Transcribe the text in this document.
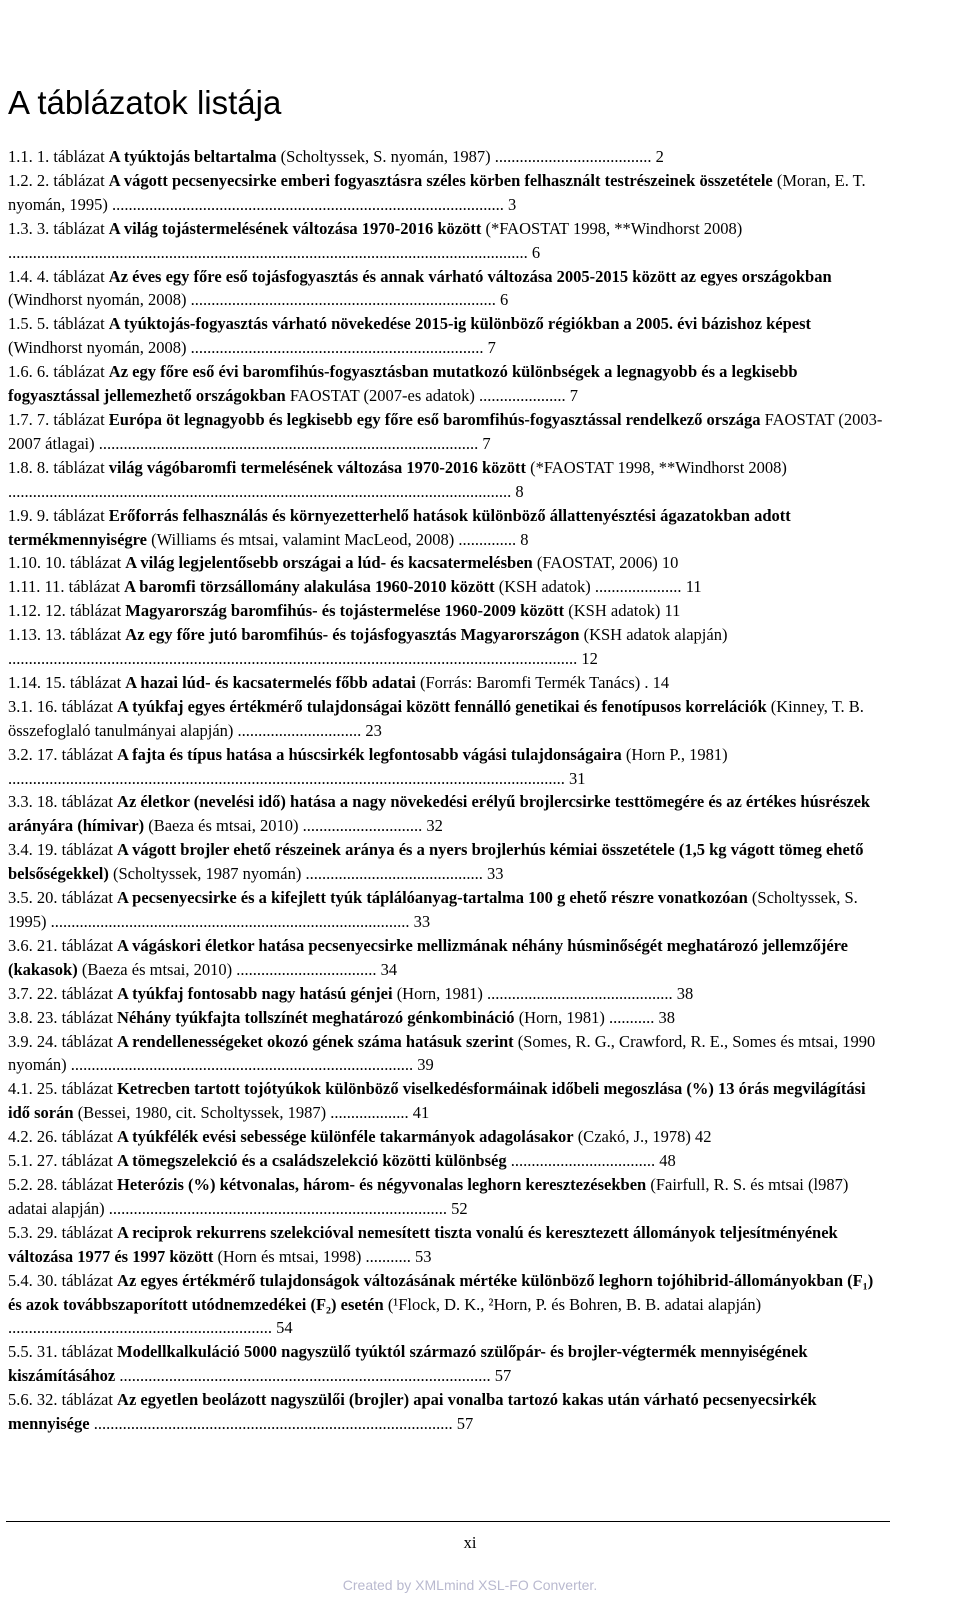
A táblázatok listája

1.1. 1. táblázat A tyúktojás beltartalma (Scholtyssek, S. nyomán, 1987) ...................................... 2

1.2. 2. táblázat A vágott pecsenyecsirke emberi fogyasztásra széles körben felhasznált testrészeinek összetétele (Moran, E. T. nyomán, 1995) ............................................................................................... 3

1.3. 3. táblázat A világ tojástermelésének változása 1970-2016 között (*FAOSTAT 1998, **Windhorst 2008) .............................................................................................................................. 6

1.4. 4. táblázat Az éves egy főre eső tojásfogyasztás és annak várható változása 2005-2015 között az egyes országokban (Windhorst nyomán, 2008) .......................................................................... 6

1.5. 5. táblázat A tyúktojás-fogyasztás várható növekedése 2015-ig különböző régiókban a 2005. évi bázishoz képest (Windhorst nyomán, 2008) ....................................................................... 7

1.6. 6. táblázat Az egy főre eső évi baromfihús-fogyasztásban mutatkozó különbségek a legnagyobb és a legkisebb fogyasztással jellemezhető országokban FAOSTAT (2007-es adatok) ..................... 7

1.7. 7. táblázat Európa öt legnagyobb és legkisebb egy főre eső baromfihús-fogyasztással rendelkező országa FAOSTAT (2003-2007 átlagai) ............................................................................................ 7

1.8. 8. táblázat világ vágóbaromfi termelésének változása 1970-2016 között (*FAOSTAT 1998, **Windhorst 2008) .......................................................................................................................... 8

1.9. 9. táblázat Erőforrás felhasználás és környezetterhelő hatások különböző állattenyésztési ágazatokban adott termékmennyiségre (Williams és mtsai, valamint MacLeod, 2008) .............. 8

1.10. 10. táblázat A világ legjelentősebb országai a lúd- és kacsatermelésben (FAOSTAT, 2006) 10

1.11. 11. táblázat A baromfi törzsállomány alakulása 1960-2010 között (KSH adatok) ..................... 11

1.12. 12. táblázat Magyarország baromfihús- és tojástermelése 1960-2009 között (KSH adatok) 11

1.13. 13. táblázat Az egy főre jutó baromfihús- és tojásfogyasztás Magyarországon (KSH adatok alapján) .......................................................................................................................................... 12

1.14. 15. táblázat A hazai lúd- és kacsatermelés főbb adatai (Forrás: Baromfi Termék Tanács) . 14

3.1. 16. táblázat A tyúkfaj egyes értékmérő tulajdonságai között fennálló genetikai és fenotípusos korrelációk (Kinney, T. B. összefoglaló tanulmányai alapján) .............................. 23

3.2. 17. táblázat A fajta és típus hatása a húscsirkék legfontosabb vágási tulajdonságaira (Horn P., 1981) ....................................................................................................................................... 31

3.3. 18. táblázat Az életkor (nevelési idő) hatása a nagy növekedési erélyű brojlercsirke testtömegére és az értékes húsrészek arányára (hímivar) (Baeza és mtsai, 2010) ............................. 32

3.4. 19. táblázat A vágott brojler ehető részeinek aránya és a nyers brojlerhús kémiai összetétele (1,5 kg vágott tömeg ehető belsőségekkel) (Scholtyssek, 1987 nyomán) ........................................... 33

3.5. 20. táblázat A pecsenyecsirke és a kifejlett tyúk táplálóanyag-tartalma 100 g ehető részre vonatkozóan (Scholtyssek, S. 1995) ....................................................................................... 33

3.6. 21. táblázat A vágáskori életkor hatása pecsenyecsirke mellizmának néhány húsminőségét meghatározó jellemzőjére (kakasok) (Baeza és mtsai, 2010) .................................. 34

3.7. 22. táblázat A tyúkfaj fontosabb nagy hatású génjei (Horn, 1981) ............................................. 38

3.8. 23. táblázat Néhány tyúkfajta tollszínét meghatározó génkombináció (Horn, 1981) ........... 38

3.9. 24. táblázat A rendellenességeket okozó gének száma hatásuk szerint (Somes, R. G., Crawford, R. E., Somes és mtsai, 1990 nyomán) ................................................................................... 39

4.1. 25. táblázat Ketrecben tartott tojótyúkok különböző viselkedésformáinak időbeli megoszlása (%) 13 órás megvilágítási idő során (Bessei, 1980, cit. Scholtyssek, 1987) ................... 41

4.2. 26. táblázat A tyúkfélék evési sebessége különféle takarmányok adagolásakor (Czakó, J., 1978) 42

5.1. 27. táblázat A tömegszelekció és a családszelekció közötti különbség ................................... 48

5.2. 28. táblázat Heterózis (%) kétvonalas, három- és négyvonalas leghorn keresztezésekben (Fairfull, R. S. és mtsai (l987) adatai alapján) .................................................................................. 52

5.3. 29. táblázat A reciprok rekurrens szelekcióval nemesített tiszta vonalú és keresztezett állományok teljesítményének változása 1977 és 1997 között (Horn és mtsai, 1998) ........... 53

5.4. 30. táblázat Az egyes értékmérő tulajdonságok változásának mértéke különböző leghorn tojóhibrid-állományokban (F₁) és azok továbbszaporított utódnemzedékei (F₂) esetén (¹Flock, D. K., ²Horn, P. és Bohren, B. B. adatai alapján) ................................................................ 54

5.5. 31. táblázat Modellkalkuláció 5000 nagyszülő tyúktól származó szülőpár- és brojler-végtermék mennyiségének kiszámításához .......................................................................................... 57

5.6. 32. táblázat Az egyetlen beolázott nagyszülői (brojler) apai vonalba tartozó kakas után várható pecsenyecsirkék mennyisége ....................................................................................... 57

xi
Created by XMLmind XSL-FO Converter.
